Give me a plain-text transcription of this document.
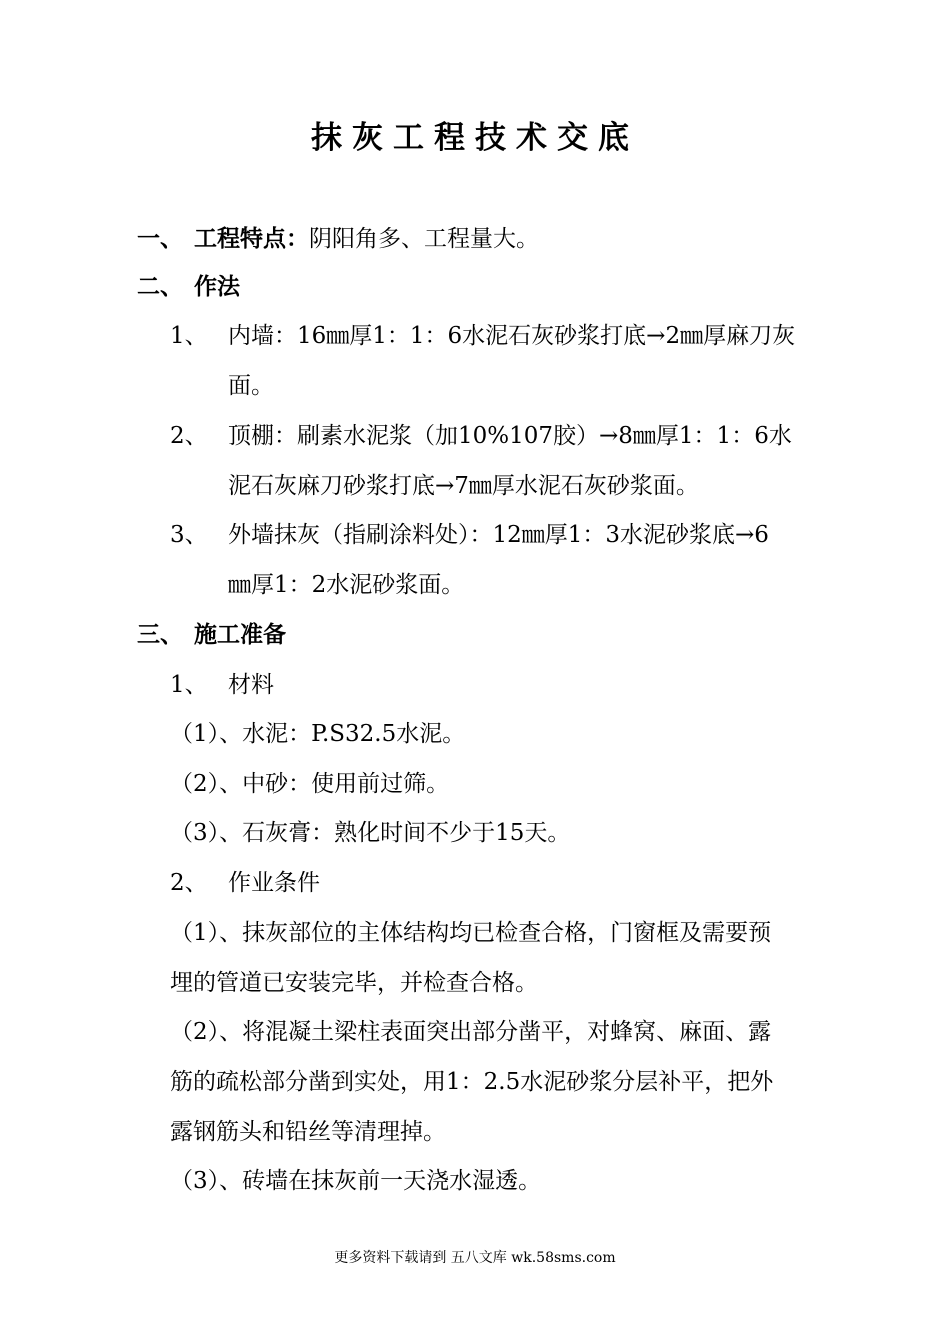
抹灰工程技术交底
一、 工程特点：阴阳角多、工程量大。
二、 作法
1、 内墙：16㎜厚1：1：6水泥石灰砂浆打底→2㎜厚麻刀灰
面。
2、 顶棚：刷素水泥浆（加10%107胶）→8㎜厚1：1：6水
泥石灰麻刀砂浆打底→7㎜厚水泥石灰砂浆面。
3、 外墙抹灰（指刷涂料处）：12㎜厚1：3水泥砂浆底→6
㎜厚1：2水泥砂浆面。
三、 施工准备
1、 材料
（1）、水泥：P.S32.5水泥。
（2）、中砂：使用前过筛。
（3）、石灰膏：熟化时间不少于15天。
2、 作业条件
（1）、抹灰部位的主体结构均已检查合格，门窗框及需要预
埋的管道已安装完毕，并检查合格。
（2）、将混凝土梁柱表面突出部分凿平，对蜂窝、麻面、露
筋的疏松部分凿到实处，用1：2.5水泥砂浆分层补平，把外
露钢筋头和铅丝等清理掉。
（3）、砖墙在抹灰前一天浇水湿透。
更多资料下载请到 五八文库 wk.58sms.com
